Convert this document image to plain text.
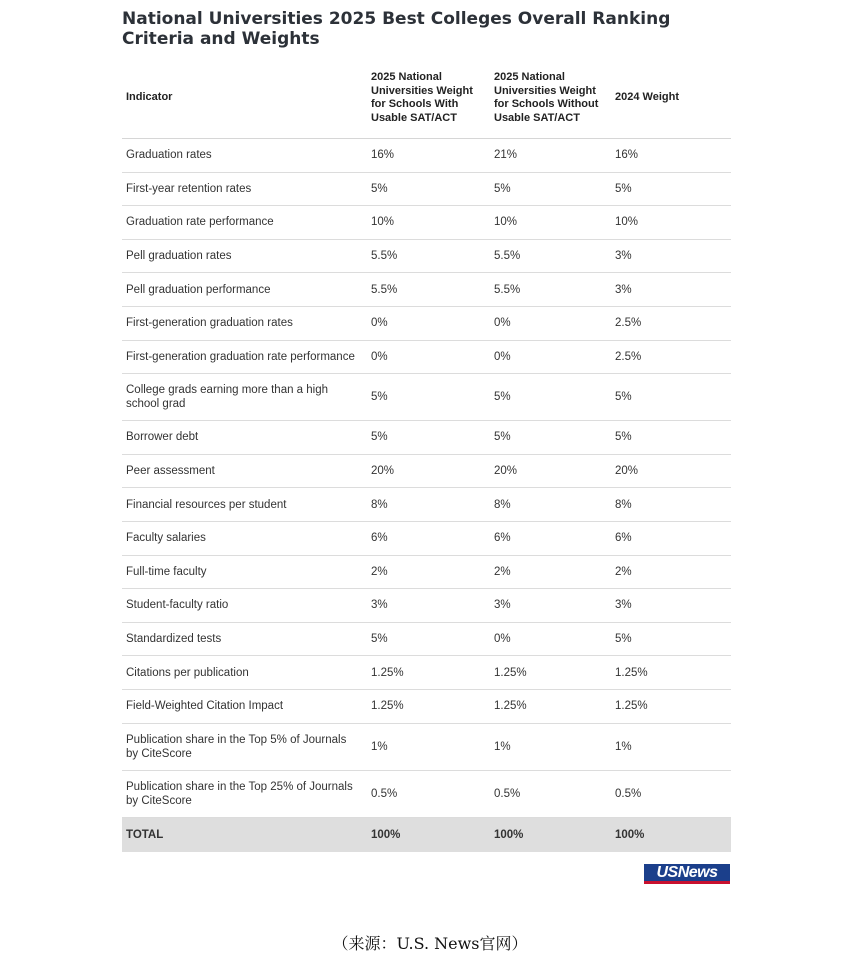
National Universities 2025 Best Colleges Overall Ranking Criteria and Weights
Indicator	2025 National Universities Weight for Schools With Usable SAT/ACT	2025 National Universities Weight for Schools Without Usable SAT/ACT	2024 Weight
Graduation rates	16%	21%	16%
First-year retention rates	5%	5%	5%
Graduation rate performance	10%	10%	10%
Pell graduation rates	5.5%	5.5%	3%
Pell graduation performance	5.5%	5.5%	3%
First-generation graduation rates	0%	0%	2.5%
First-generation graduation rate performance	0%	0%	2.5%
College grads earning more than a high school grad	5%	5%	5%
Borrower debt	5%	5%	5%
Peer assessment	20%	20%	20%
Financial resources per student	8%	8%	8%
Faculty salaries	6%	6%	6%
Full-time faculty	2%	2%	2%
Student-faculty ratio	3%	3%	3%
Standardized tests	5%	0%	5%
Citations per publication	1.25%	1.25%	1.25%
Field-Weighted Citation Impact	1.25%	1.25%	1.25%
Publication share in the Top 5% of Journals by CiteScore	1%	1%	1%
Publication share in the Top 25% of Journals by CiteScore	0.5%	0.5%	0.5%
TOTAL	100%	100%	100%
USNews
（来源：U.S. News官网）
